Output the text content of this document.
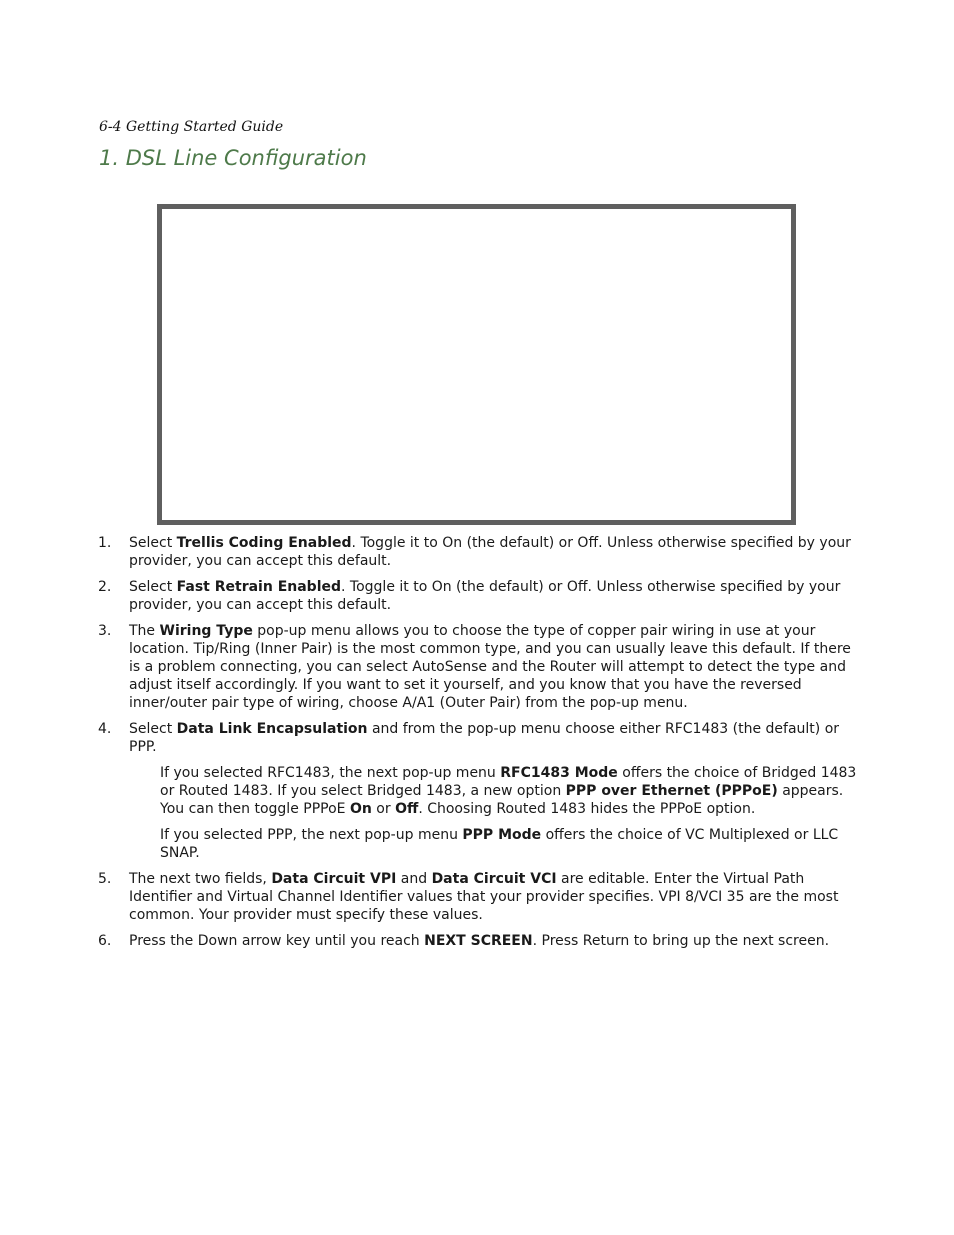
6-4 Getting Started Guide
1. DSL Line Configuration
1.	Select Trellis Coding Enabled. Toggle it to On (the default) or Off. Unless otherwise specified by your provider, you can accept this default.
2.	Select Fast Retrain Enabled. Toggle it to On (the default) or Off. Unless otherwise specified by your provider, you can accept this default.
3.	The Wiring Type pop-up menu allows you to choose the type of copper pair wiring in use at your location. Tip/Ring (Inner Pair) is the most common type, and you can usually leave this default. If there is a problem connecting, you can select AutoSense and the Router will attempt to detect the type and adjust itself accordingly. If you want to set it yourself, and you know that you have the reversed inner/outer pair type of wiring, choose A/A1 (Outer Pair) from the pop-up menu.
4.	Select Data Link Encapsulation and from the pop-up menu choose either RFC1483 (the default) or PPP.
If you selected RFC1483, the next pop-up menu RFC1483 Mode offers the choice of Bridged 1483 or Routed 1483. If you select Bridged 1483, a new option PPP over Ethernet (PPPoE) appears. You can then toggle PPPoE On or Off. Choosing Routed 1483 hides the PPPoE option.
If you selected PPP, the next pop-up menu PPP Mode offers the choice of VC Multiplexed or LLC SNAP.
5.	The next two fields, Data Circuit VPI and Data Circuit VCI are editable. Enter the Virtual Path Identifier and Virtual Channel Identifier values that your provider specifies. VPI 8/VCI 35 are the most common. Your provider must specify these values.
6.	Press the Down arrow key until you reach NEXT SCREEN. Press Return to bring up the next screen.
